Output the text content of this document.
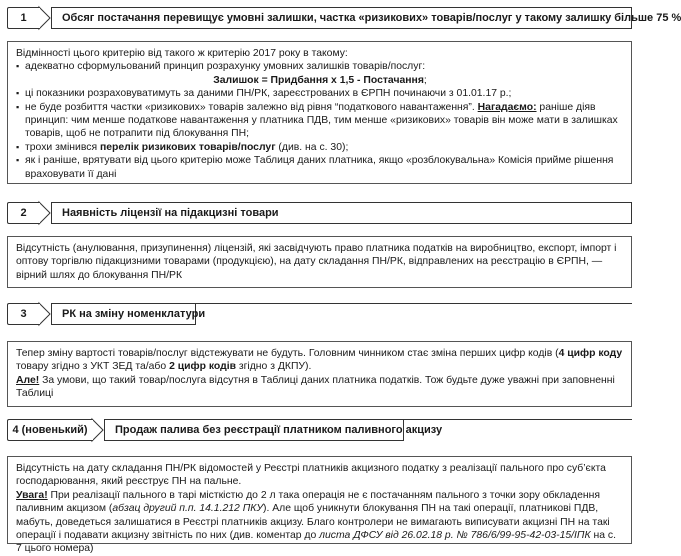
1	Обсяг постачання перевищує умовні залишки, частка «ризикових» товарів/послуг у такому залишку більше 75 %

Відмінності цього критерію від такого ж критерію 2017 року в такому:

▪ адекватно сформульований принцип розрахунку умовних залишків товарів/послуг:

Залишок = Придбання х 1,5 - Постачання;

▪ ці показники розраховуватимуть за даними ПН/РК, зареєстрованих в ЄРПН починаючи з 01.01.17 р.;

▪ не буде розбиття частки «ризикових» товарів залежно від рівня “податкового навантаження”. Нагадаємо: раніше діяв принцип: чим менше податкове навантаження у платника ПДВ, тим менше «ризикових» товарів він може мати в залишках товарів, щоб не потрапити під блокування ПН;

▪ трохи змінився перелік ризикових товарів/послуг (див. на с. 30);

▪ як і раніше, врятувати від цього критерію може Таблиця даних платника, якщо «розблокувальна» Комісія прийме рішення враховувати її дані

2	Наявність ліцензії на підакцизні товари

Відсутність (анулювання, призупинення) ліцензій, які засвідчують право платника податків на виробництво, експорт, імпорт і оптову торгівлю підакцизними товарами (продукцією), на дату складання ПН/РК, відправлених на реєстрацію в ЄРПН, — вірний шлях до блокування ПН/РК

3	РК на зміну номенклатури

Тепер зміну вартості товарів/послуг відстежувати не будуть. Головним чинником стає зміна перших цифр кодів (4 цифр коду товару згідно з УКТ ЗЕД та/або 2 цифр кодів згідно з ДКПУ).

Але! За умови, що такий товар/послуга відсутня в Таблиці даних платника податків. Тож будьте дуже уважні при заповненні Таблиці

4 (новенький)	Продаж палива без реєстрації платником паливного акцизу

Відсутність на дату складання ПН/РК відомостей у Реєстрі платників акцизного податку з реалізації пального про суб’єкта господарювання, який реєструє ПН на пальне.

Увага! При реалізації пального в тарі місткістю до 2 л така операція не є постачанням пального з точки зору обкладення паливним акцизом (абзац другий п.п. 14.1.212 ПКУ). Але щоб уникнути блокування ПН на такі операції, платникові ПДВ, мабуть, доведеться залишатися в Реєстрі платників акцизу. Благо контролери не вимагають виписувати акцизні ПН на такі операції і подавати акцизну звітність по них (див. коментар до листа ДФСУ від 26.02.18 р. № 786/6/99-95-42-03-15/ІПК на с. 7 цього номера)
